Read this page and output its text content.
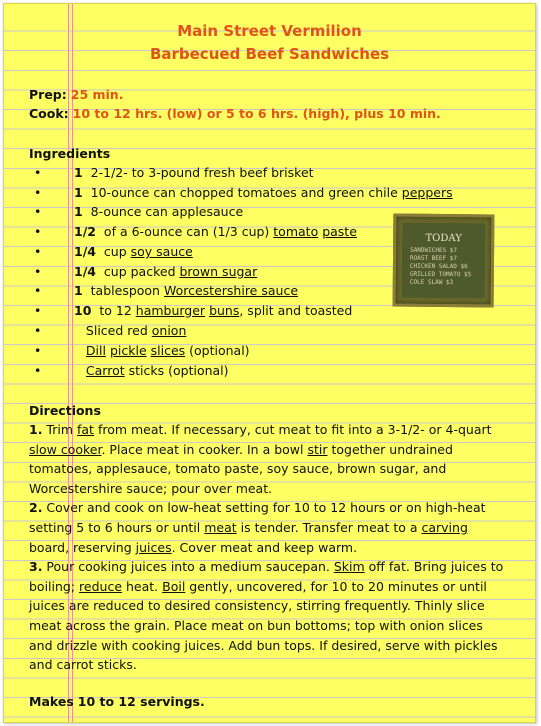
Main Street Vermilion
Barbecued Beef Sandwiches
Prep: 25 min.
Cook: 10 to 12 hrs. (low) or 5 to 6 hrs. (high), plus 10 min.
Ingredients
•	1 2-1/2- to 3-pound fresh beef brisket
•	1 10-ounce can chopped tomatoes and green chile peppers
•	1 8-ounce can applesauce
•	1/2 of a 6-ounce can (1/3 cup) tomato paste
•	1/4 cup soy sauce
•	1/4 cup packed brown sugar
•	1 tablespoon Worcestershire sauce
•	10 to 12 hamburger buns, split and toasted
•	Sliced red onion
•	Dill pickle slices (optional)
•	Carrot sticks (optional)
TODAY
SANDWICHES $7
ROAST BEEF $7
CHICKEN SALAD $6
GRILLED TOMATO $5
COLE SLAW $3
Directions

1. Trim fat from meat. If necessary, cut meat to fit into a 3-1/2- or 4-quart slow cooker. Place meat in cooker. In a bowl stir together undrained tomatoes, applesauce, tomato paste, soy sauce, brown sugar, and Worcestershire sauce; pour over meat.

2. Cover and cook on low-heat setting for 10 to 12 hours or on high-heat setting 5 to 6 hours or until meat is tender. Transfer meat to a carving board, reserving juices. Cover meat and keep warm.

3. Pour cooking juices into a medium saucepan. Skim off fat. Bring juices to boiling; reduce heat. Boil gently, uncovered, for 10 to 20 minutes or until juices are reduced to desired consistency, stirring frequently. Thinly slice meat across the grain. Place meat on bun bottoms; top with onion slices and drizzle with cooking juices. Add bun tops. If desired, serve with pickles and carrot sticks.

Makes 10 to 12 servings.
